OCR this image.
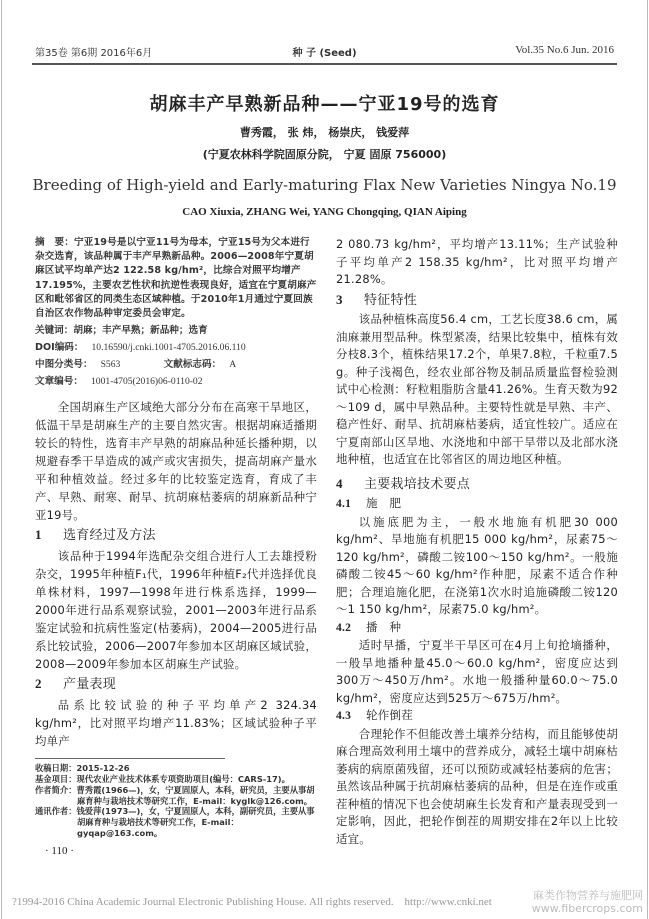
第35卷 第6期 2016年6月	种 子 (Seed)	Vol.35 No.6 Jun. 2016
胡麻丰产早熟新品种——宁亚19号的选育
曹秀霞， 张 炜， 杨崇庆， 钱爱萍
(宁夏农林科学院固原分院， 宁夏 固原 756000)
Breeding of High-yield and Early-maturing Flax New Varieties Ningya No.19
CAO Xiuxia, ZHANG Wei, YANG Chongqing, QIAN Aiping

摘　要：宁亚19号是以宁亚11号为母本，宁亚15号为父本进行杂交选育，该品种属于丰产早熟新品种。2006—2008年宁夏胡麻区试平均单产达2 122.58 kg/hm²，比综合对照平均增产17.195%，主要农艺性状和抗逆性表现良好，适宜在宁夏胡麻产区和毗邻省区的同类生态区域种植。于2010年1月通过宁夏回族自治区农作物品种审定委员会审定。

关键词：胡麻；丰产早熟；新品种；选育
DOI编码： 10.16590/j.cnki.1001-4705.2016.06.110
中图分类号： S563	文献标志码： A
文章编号： 1001-4705(2016)06-0110-02

全国胡麻生产区域绝大部分分布在高寒干旱地区，低温干旱是胡麻生产的主要自然灾害。根据胡麻适播期较长的特性，选育丰产早熟的胡麻品种延长播种期，以规避春季干旱造成的减产或灾害损失，提高胡麻产量水平和种植效益。经过多年的比较鉴定选育，育成了丰产、早熟、耐寒、耐旱、抗胡麻枯萎病的胡麻新品种宁亚19号。

1 选育经过及方法

该品种于1994年选配杂交组合进行人工去雄授粉杂交，1995年种植F₁代，1996年种植F₂代并选择优良单株材料，1997—1998年进行株系选择，1999—2000年进行品系观察试验，2001—2003年进行品系鉴定试验和抗病性鉴定(枯萎病)，2004—2005进行品系比较试验，2006—2007年参加本区胡麻区域试验，2008—2009年参加本区胡麻生产试验。

2 产量表现

品系比较试验的种子平均单产2 324.34 kg/hm²，比对照平均增产11.83%；区域试验种子平均单产

收稿日期：2015-12-26

基金项目：现代农业产业技术体系专项资助项目(编号：CARS-17)。

作者简介：曹秀霞(1966—)，女，宁夏固原人，本科，研究员，主要从事胡麻育种与栽培技术等研究工作，E-mail：kyglk@126.com。

通讯作者：钱爱萍(1973—)，女，宁夏固原人，本科，副研究员，主要从事胡麻育种与栽培技术等研究工作，E-mail：gyqap@163.com。

· 110 ·

2 080.73 kg/hm²，平均增产13.11%；生产试验种子平均单产2 158.35 kg/hm²，比对照平均增产21.28%。

3 特征特性

该品种植株高度56.4 cm，工艺长度38.6 cm，属油麻兼用型品种。株型紧凑，结果比较集中，植株有效分枝8.3个，植株结果17.2个，单果7.8粒，千粒重7.5 g。种子浅褐色，经农业部谷物及制品质量监督检验测试中心检测：籽粒粗脂肪含量41.26%。生育天数为92～109 d，属中早熟品种。主要特性就是早熟、丰产、稳产性好、耐旱、抗胡麻枯萎病，适宜性较广。适应在宁夏南部山区旱地、水浇地和中部干旱带以及北部水浇地种植，也适宜在比邻省区的周边地区种植。

4 主要栽培技术要点
4.1 施　肥

以施底肥为主，一般水地施有机肥30 000 kg/hm²、旱地施有机肥15 000 kg/hm²，尿素75～120 kg/hm²，磷酸二铵100～150 kg/hm²。一般施磷酸二铵45～60 kg/hm²作种肥，尿素不适合作种肥；合理追施化肥，在浇第1次水时追施磷酸二铵120～1 150 kg/hm²，尿素75.0 kg/hm²。

4.2 播　种

适时早播，宁夏半干旱区可在4月上旬抢墒播种，一般旱地播种量45.0～60.0 kg/hm²，密度应达到300万～450万/hm²。水地一般播种量60.0～75.0 kg/hm²，密度应达到525万～675万/hm²。

4.3 轮作倒茬

合理轮作不但能改善土壤养分结构，而且能够使胡麻合理高效利用土壤中的营养成分，减轻土壤中胡麻枯萎病的病原菌残留，还可以预防或减轻枯萎病的危害；虽然该品种属于抗胡麻枯萎病的品种，但是在连作或重茬种植的情况下也会使胡麻生长发育和产量表现受到一定影响，因此，把轮作倒茬的周期安排在2年以上比较适宜。

?1994-2016 China Academic Journal Electronic Publishing House. All rights reserved.　http://www.cnki.net	麻类作物营养与施肥网
www.fibercrops.com
